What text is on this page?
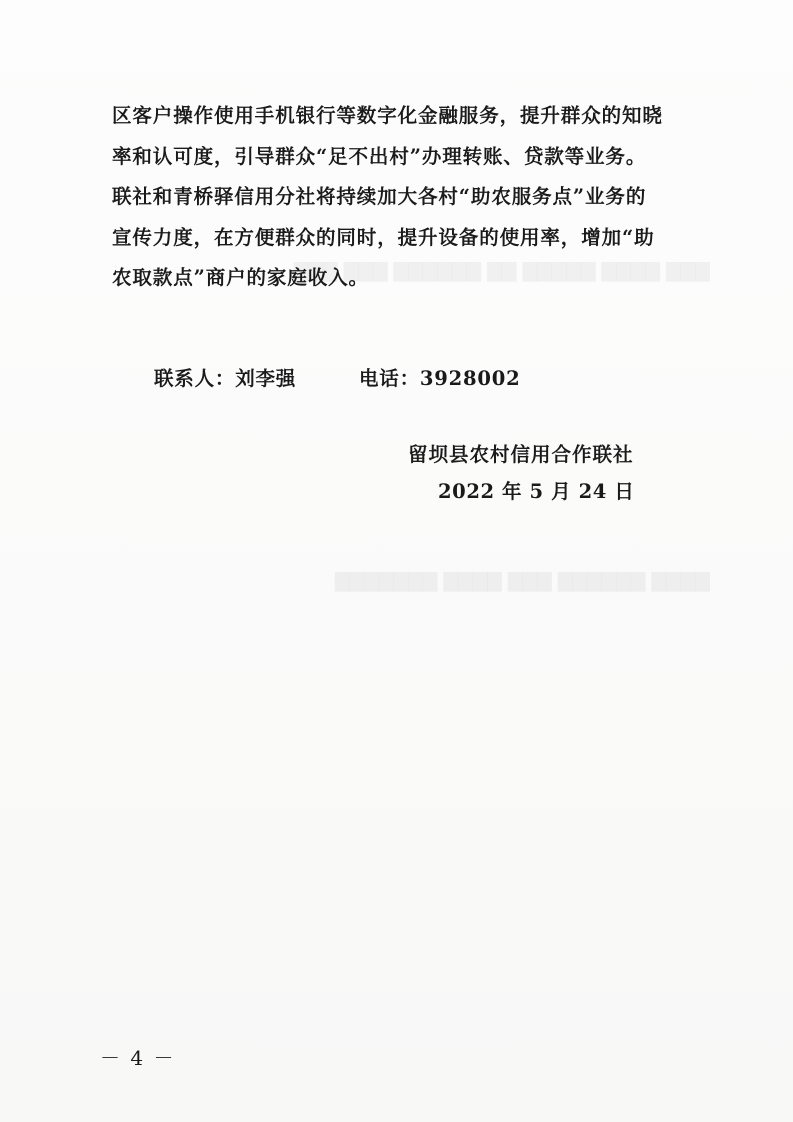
▇▇▇ ▇▇▇▇ ▇▇▇▇▇ ▇▇ ▇▇▇▇▇▇ ▇▇▇ ▇▇▇
▇▇▇▇ ▇▇▇▇▇▇ ▇▇▇ ▇▇▇▇ ▇▇▇▇▇▇▇

区客户操作使用手机银行等数字化金融服务，提升群众的知晓

率和认可度，引导群众“足不出村”办理转账、贷款等业务。

联社和青桥驿信用分社将持续加大各村“助农服务点”业务的

宣传力度，在方便群众的同时，提升设备的使用率，增加“助

农取款点”商户的家庭收入。

联系人：刘李强	电话：3928002
留坝县农村信用合作联社
2022 年 5 月 24 日
－ 4 －
